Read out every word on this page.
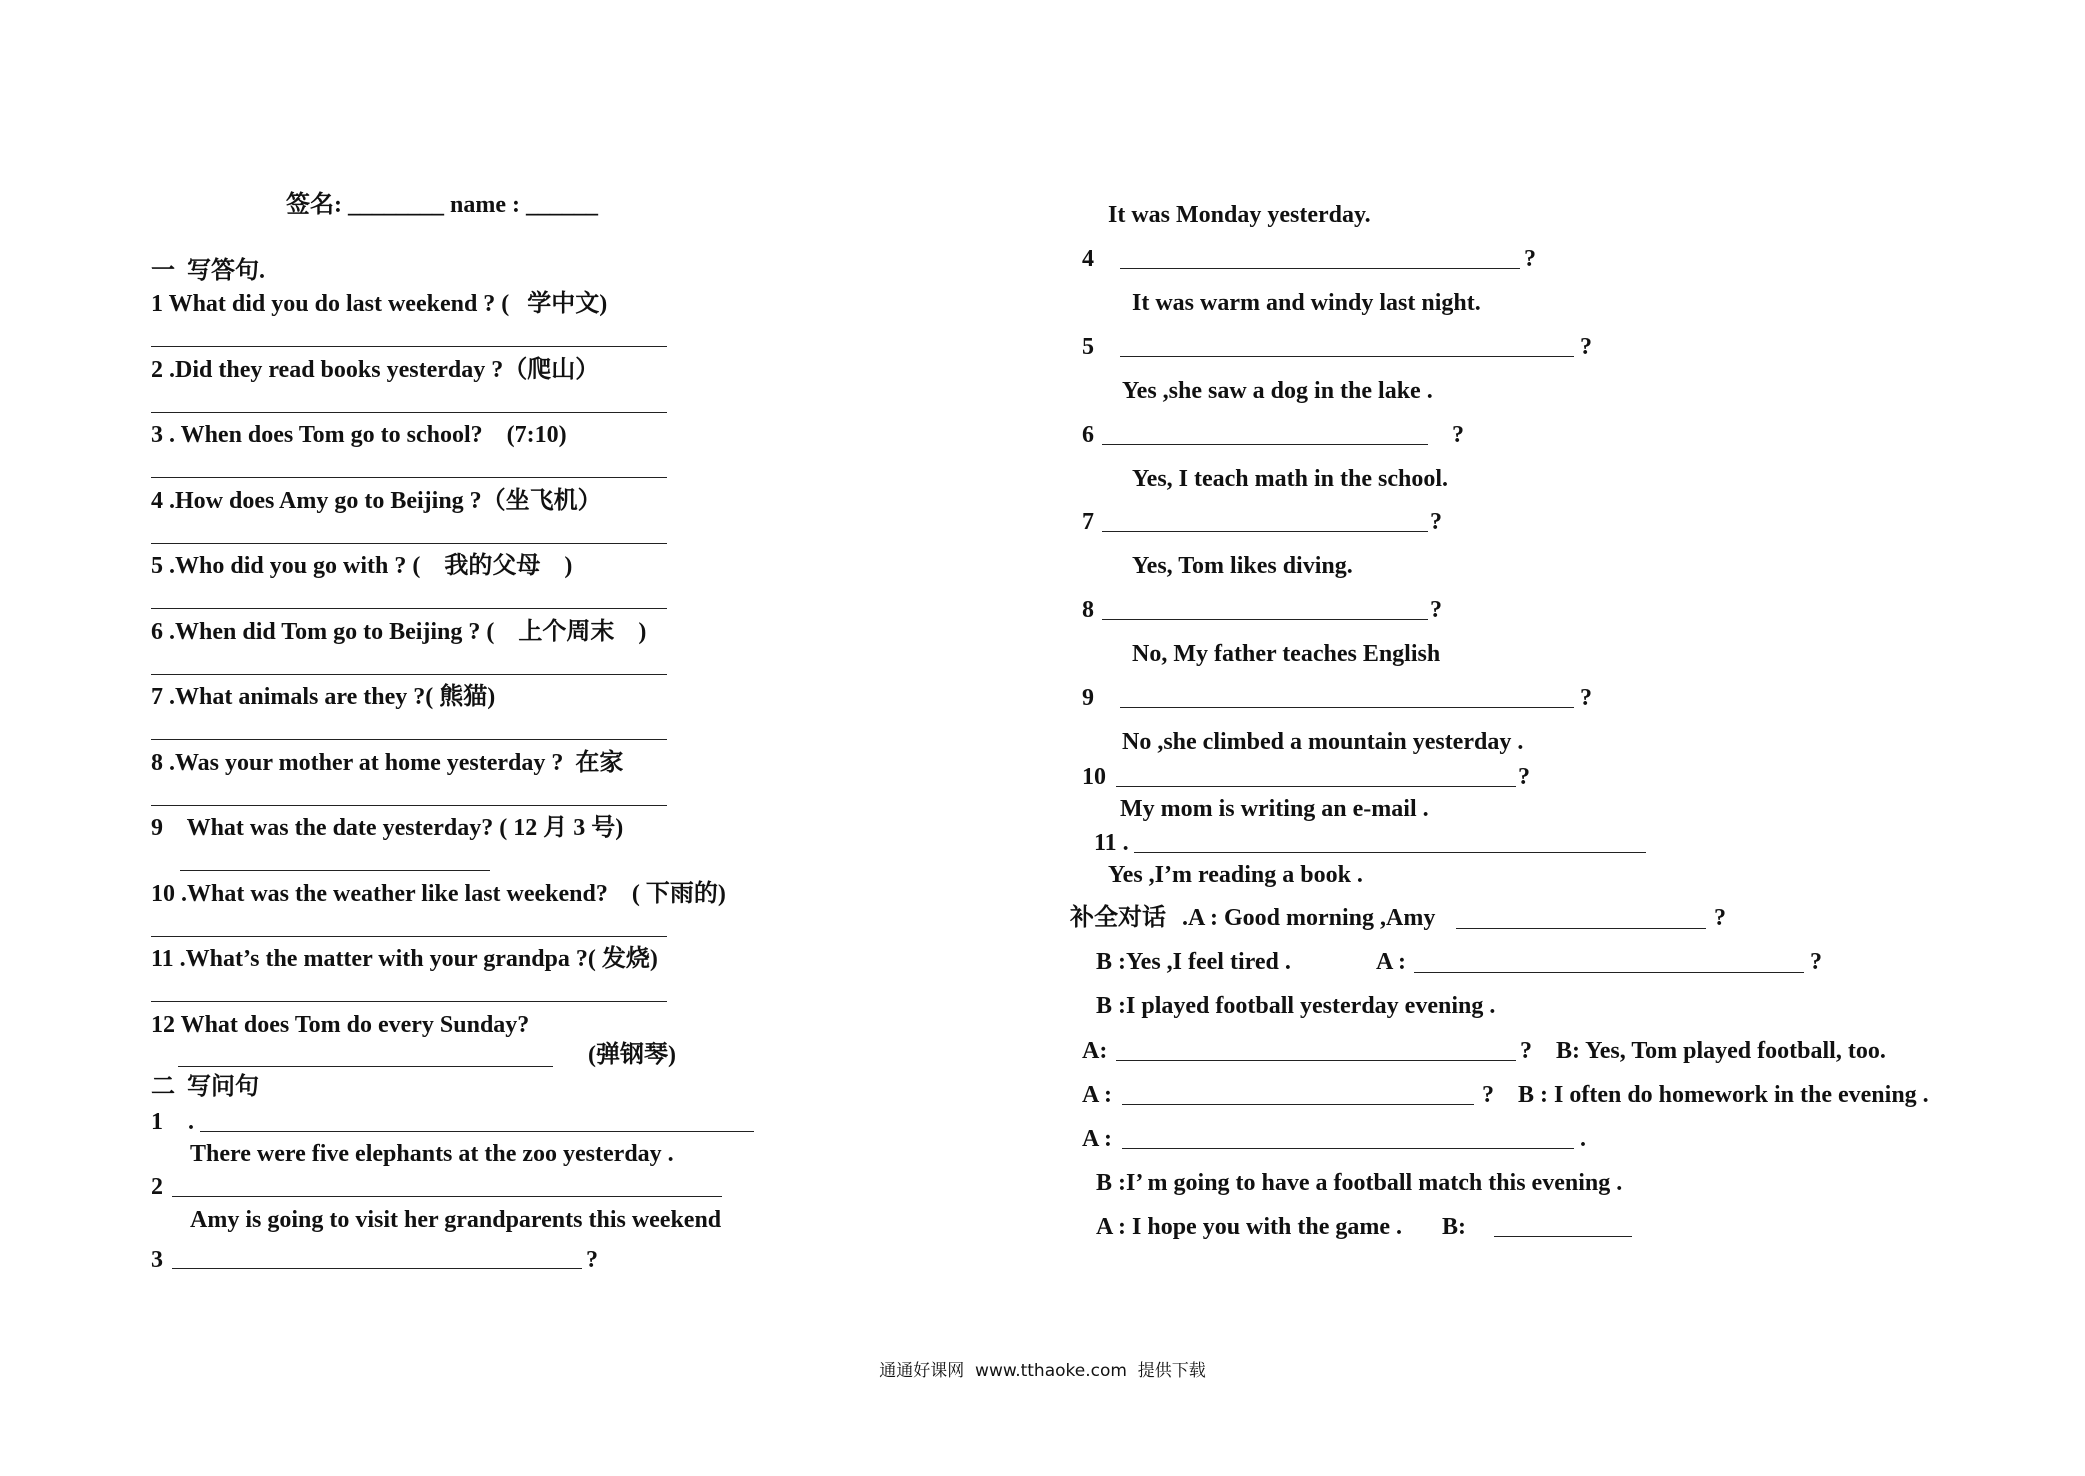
签名: ________ name : ______
一  写答句.
1 What did you do last weekend ? (   学中文)
2 .Did they read books yesterday ?（爬山）
3 . When does Tom go to school?    (7:10)
4 .How does Amy go to Beijing ?（坐飞机）
5 .Who did you go with ? (    我的父母    )
6 .When did Tom go to Beijing ? (    上个周末    )
7 .What animals are they ?( 熊猫)
8 .Was your mother at home yesterday ?  在家
9    What was the date yesterday? ( 12 月 3 号)
10 .What was the weather like last weekend?    ( 下雨的)
11 .What’s the matter with your grandpa ?( 发烧)
12 What does Tom do every Sunday?
(弹钢琴)
二  写问句
1 .
There were five elephants at the zoo yesterday .
2
Amy is going to visit her grandparents this weekend
3	?
It was Monday yesterday.
4	?
It was warm and windy last night.
5	?
Yes ,she saw a dog in the lake .
6	?
Yes, I teach math in the school.
7	?
Yes, Tom likes diving.
8	?
No, My father teaches English
9	?
No ,she climbed a mountain yesterday .
10	?
My mom is writing an e-mail .
11 .
Yes ,I’m reading a book .
补全对话 .A : Good morning ,Amy	?
B :Yes ,I feel tired .	A :	?
B :I played football yesterday evening .
A:	? B: Yes, Tom played football, too.
A :	? B : I often do homework in the evening .
A :	.
B :I’ m going to have a football match this evening .
A : I hope you with the game . B:
通通好课网  www.tthaoke.com  提供下载
